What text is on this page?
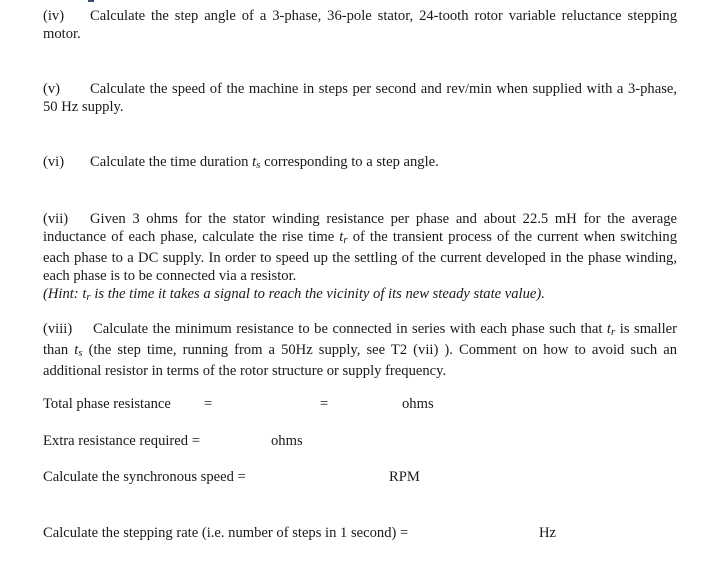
(iv) Calculate the step angle of a 3-phase, 36-pole stator, 24-tooth rotor variable reluctance stepping motor.

(v) Calculate the speed of the machine in steps per second and rev/min when supplied with a 3-phase, 50 Hz supply.

(vi) Calculate the time duration ts corresponding to a step angle.

(vii) Given 3 ohms for the stator winding resistance per phase and about 22.5 mH for the average inductance of each phase, calculate the rise time tr of the transient process of the current when switching each phase to a DC supply. In order to speed up the settling of the current developed in the phase winding, each phase is to be connected via a resistor.
(Hint: tr is the time it takes a signal to reach the vicinity of its new steady state value).

(viii) Calculate the minimum resistance to be connected in series with each phase such that tr is smaller than ts (the step time, running from a 50Hz supply, see T2 (vii) ). Comment on how to avoid such an additional resistor in terms of the rotor structure or supply frequency.

Total phase resistance =	=	ohms
Extra resistance required =	ohms
Calculate the synchronous speed =	RPM
Calculate the stepping rate (i.e. number of steps in 1 second) =	Hz
